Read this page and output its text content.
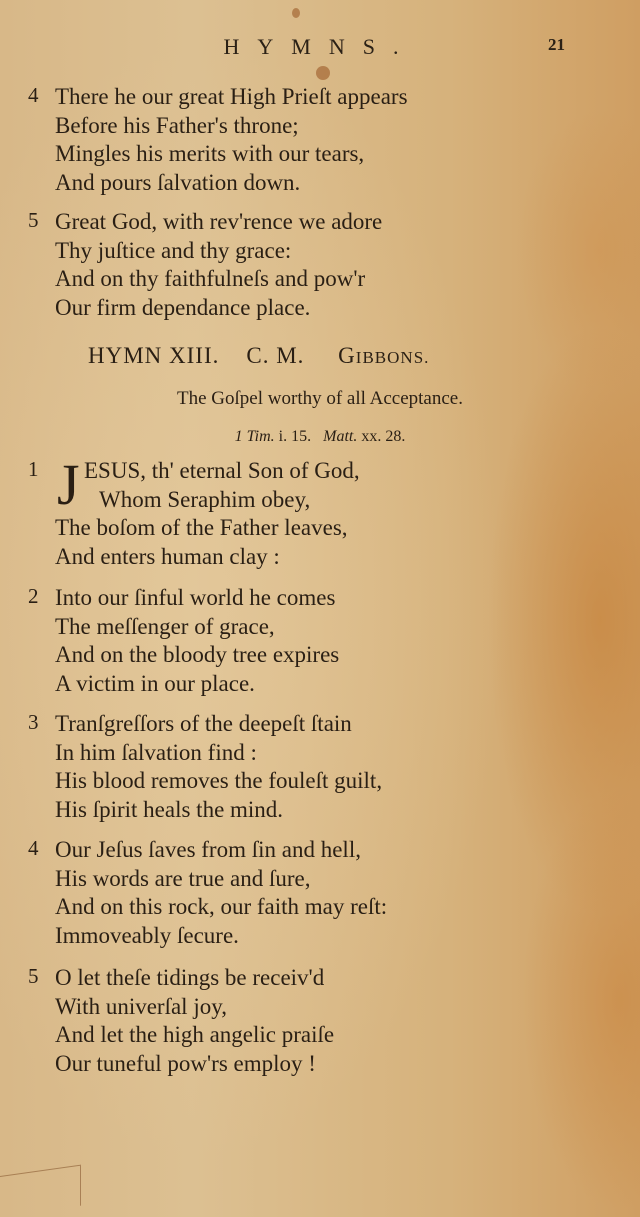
HYMNS.	21
4 There he our great High Prieſt appears
Before his Father's throne;
Mingles his merits with our tears,
And pours ſalvation down.
5 Great God, with rev'rence we adore
Thy juſtice and thy grace:
And on thy faithfulneſs and pow'r
Our firm dependance place.
HYMN XIII. C. M. GIBBONS.
The Goſpel worthy of all Acceptance.
1 Tim. i. 15. Matt. xx. 28.
1 J ESUS, th' eternal Son of God,
Whom Seraphim obey,
The boſom of the Father leaves,
And enters human clay :
2 Into our ſinful world he comes
The meſſenger of grace,
And on the bloody tree expires
A victim in our place.
3 Tranſgreſſors of the deepeſt ſtain
In him ſalvation find :
His blood removes the fouleſt guilt,
His ſpirit heals the mind.
4 Our Jeſus ſaves from ſin and hell,
His words are true and ſure,
And on this rock, our faith may reſt:
Immoveably ſecure.
5 O let theſe tidings be receiv'd
With univerſal joy,
And let the high angelic praiſe
Our tuneful pow'rs employ !
